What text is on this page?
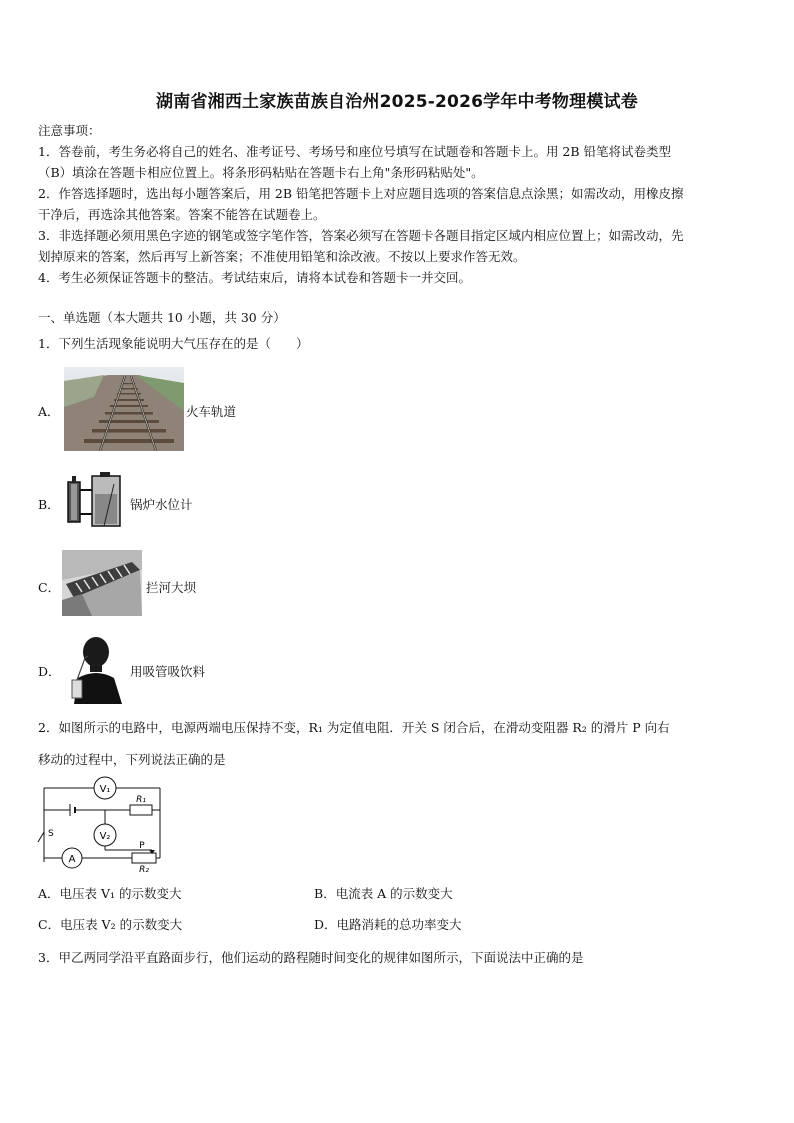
湖南省湘西土家族苗族自治州2025-2026学年中考物理模试卷
注意事项：
1．答卷前，考生务必将自己的姓名、准考证号、考场号和座位号填写在试题卷和答题卡上。用 2B 铅笔将试卷类型
（B）填涂在答题卡相应位置上。将条形码粘贴在答题卡右上角"条形码粘贴处"。
2．作答选择题时，选出每小题答案后，用 2B 铅笔把答题卡上对应题目选项的答案信息点涂黑；如需改动，用橡皮擦
干净后，再选涂其他答案。答案不能答在试题卷上。
3．非选择题必须用黑色字迹的钢笔或签字笔作答，答案必须写在答题卡各题目指定区域内相应位置上；如需改动，先
划掉原来的答案，然后再写上新答案；不准使用铅笔和涂改液。不按以上要求作答无效。
4．考生必须保证答题卡的整洁。考试结束后，请将本试卷和答题卡一并交回。
一、单选题（本大题共 10 小题，共 30 分）
1．下列生活现象能说明大气压存在的是（　　）
A．	火车轨道
B．	锅炉水位计
C．	拦河大坝
D．	用吸管吸饮料
2．如图所示的电路中，电源两端电压保持不变，R₁ 为定值电阻．开关 S 闭合后，在滑动变阻器 R₂ 的滑片 P 向右
移动的过程中，下列说法正确的是
V₁
V₂
A
R₁
R₂
P
S
A．电压表 V₁ 的示数变大	B．电流表 A 的示数变大
C．电压表 V₂ 的示数变大	D．电路消耗的总功率变大
3．甲乙两同学沿平直路面步行，他们运动的路程随时间变化的规律如图所示，下面说法中正确的是
